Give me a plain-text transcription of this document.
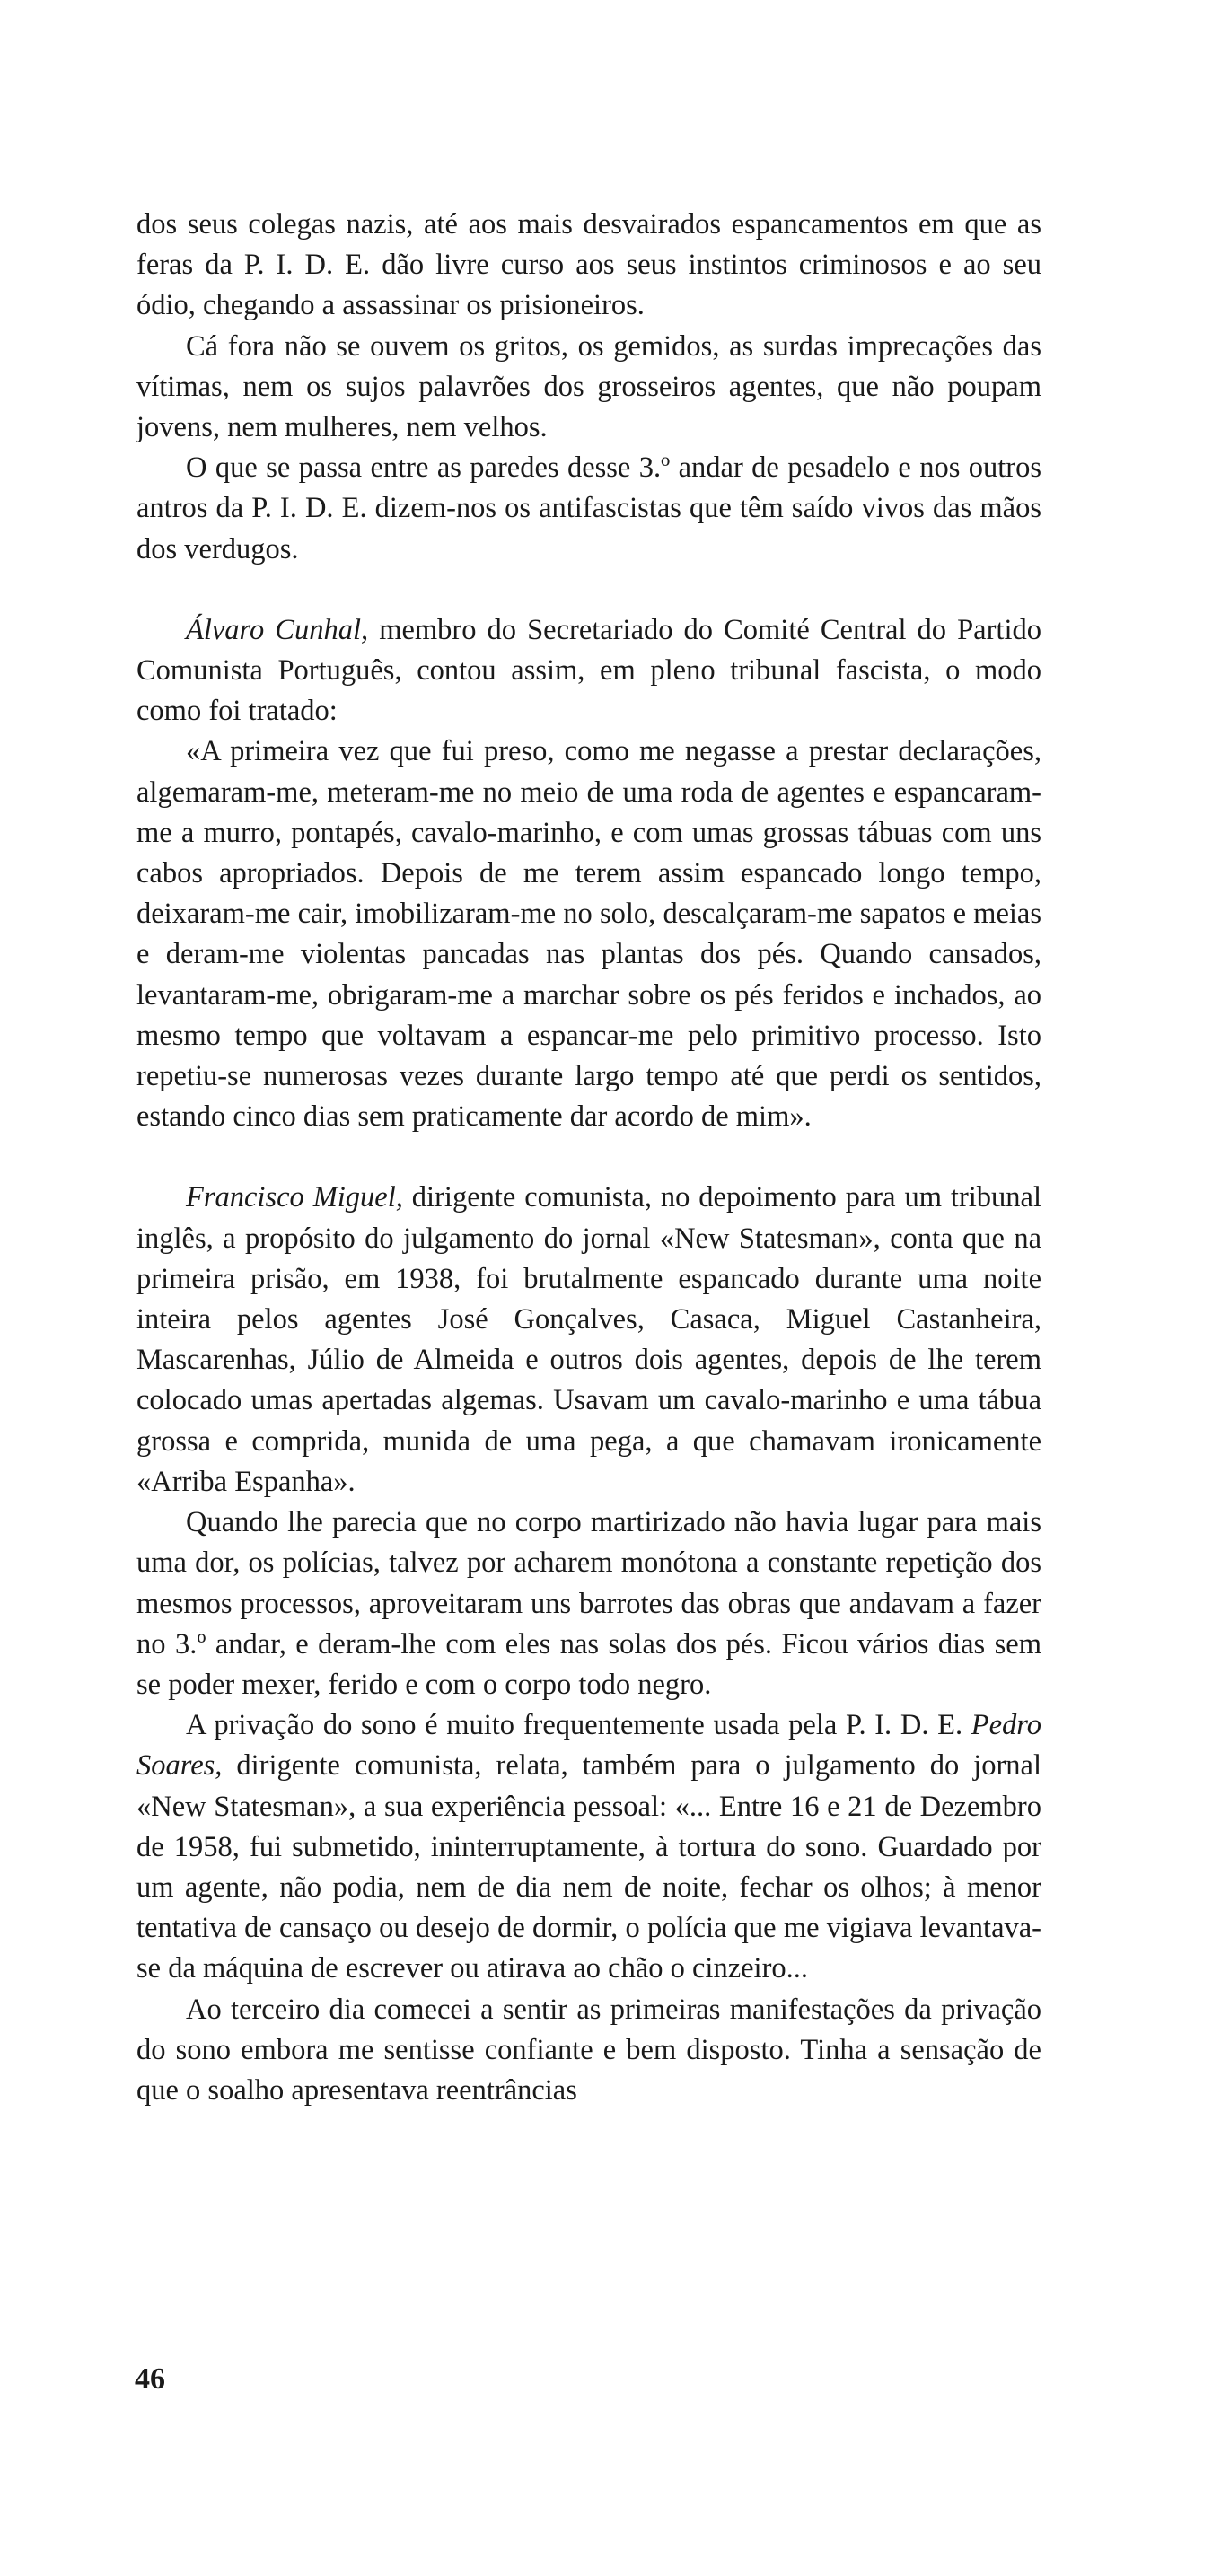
dos seus colegas nazis, até aos mais desvairados espancamentos em que as feras da P. I. D. E. dão livre curso aos seus instintos criminosos e ao seu ódio, chegando a assassinar os prisioneiros.

Cá fora não se ouvem os gritos, os gemidos, as surdas imprecações das vítimas, nem os sujos palavrões dos grosseiros agentes, que não poupam jovens, nem mulheres, nem velhos.

O que se passa entre as paredes desse 3.º andar de pesadelo e nos outros antros da P. I. D. E. dizem-nos os antifascistas que têm saído vivos das mãos dos verdugos.

Álvaro Cunhal, membro do Secretariado do Comité Central do Partido Comunista Português, contou assim, em pleno tribunal fascista, o modo como foi tratado:

«A primeira vez que fui preso, como me negasse a prestar declarações, algemaram-me, meteram-me no meio de uma roda de agentes e espancaram-me a murro, pontapés, cavalo-marinho, e com umas grossas tábuas com uns cabos apropriados. Depois de me terem assim espancado longo tempo, deixaram-me cair, imobilizaram-me no solo, descalçaram-me sapatos e meias e deram-me violentas pancadas nas plantas dos pés. Quando cansados, levantaram-me, obrigaram-me a marchar sobre os pés feridos e inchados, ao mesmo tempo que voltavam a espancar-me pelo primitivo processo. Isto repetiu-se numerosas vezes durante largo tempo até que perdi os sentidos, estando cinco dias sem praticamente dar acordo de mim».

Francisco Miguel, dirigente comunista, no depoimento para um tribunal inglês, a propósito do julgamento do jornal «New Statesman», conta que na primeira prisão, em 1938, foi brutalmente espancado durante uma noite inteira pelos agentes José Gonçalves, Casaca, Miguel Castanheira, Mascarenhas, Júlio de Almeida e outros dois agentes, depois de lhe terem colocado umas apertadas algemas. Usavam um cavalo-marinho e uma tábua grossa e comprida, munida de uma pega, a que chamavam ironicamente «Arriba Espanha».

Quando lhe parecia que no corpo martirizado não havia lugar para mais uma dor, os polícias, talvez por acharem monótona a constante repetição dos mesmos processos, aproveitaram uns barrotes das obras que andavam a fazer no 3.º andar, e deram-lhe com eles nas solas dos pés. Ficou vários dias sem se poder mexer, ferido e com o corpo todo negro.

A privação do sono é muito frequentemente usada pela P. I. D. E. Pedro Soares, dirigente comunista, relata, também para o julgamento do jornal «New Statesman», a sua experiência pessoal: «... Entre 16 e 21 de Dezembro de 1958, fui submetido, ininterruptamente, à tortura do sono. Guardado por um agente, não podia, nem de dia nem de noite, fechar os olhos; à menor tentativa de cansaço ou desejo de dormir, o polícia que me vigiava levantava-se da máquina de escrever ou atirava ao chão o cinzeiro...

Ao terceiro dia comecei a sentir as primeiras manifestações da privação do sono embora me sentisse confiante e bem disposto. Tinha a sensação de que o soalho apresentava reentrâncias

46
